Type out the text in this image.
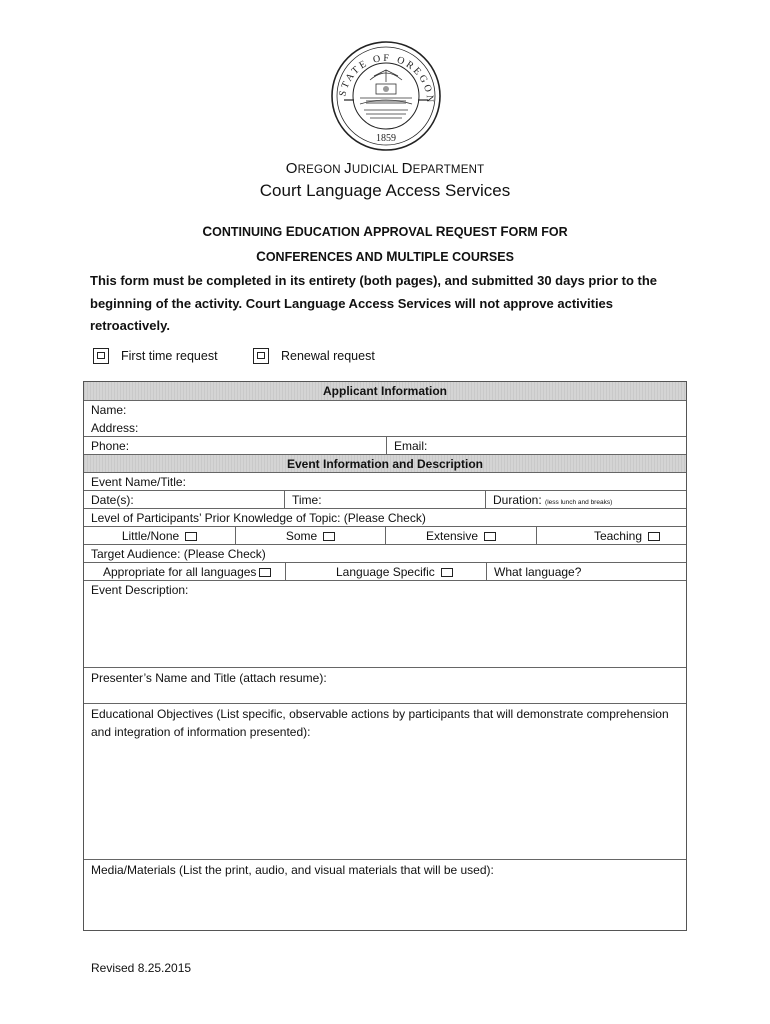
STATE OF OREGON
1859
OREGON JUDICIAL DEPARTMENT
Court Language Access Services
CONTINUING EDUCATION APPROVAL REQUEST FORM FOR
CONFERENCES AND MULTIPLE COURSES
This form must be completed in its entirety (both pages), and submitted 30 days prior to the beginning of the activity. Court Language Access Services will not approve activities retroactively.
First time request	Renewal request
Applicant Information
Name:
Address:
Phone:	Email:
Event Information and Description
Event Name/Title:
Date(s):	Time:	Duration: (less lunch and breaks)
Level of Participants’ Prior Knowledge of Topic: (Please Check)
Little/None	Some	Extensive	Teaching
Target Audience: (Please Check)
Appropriate for all languages	Language Specific	What language?
Event Description:
Presenter’s Name and Title (attach resume):
Educational Objectives (List specific, observable actions by participants that will demonstrate comprehension and integration of information presented):
Media/Materials (List the print, audio, and visual materials that will be used):
Revised 8.25.2015
